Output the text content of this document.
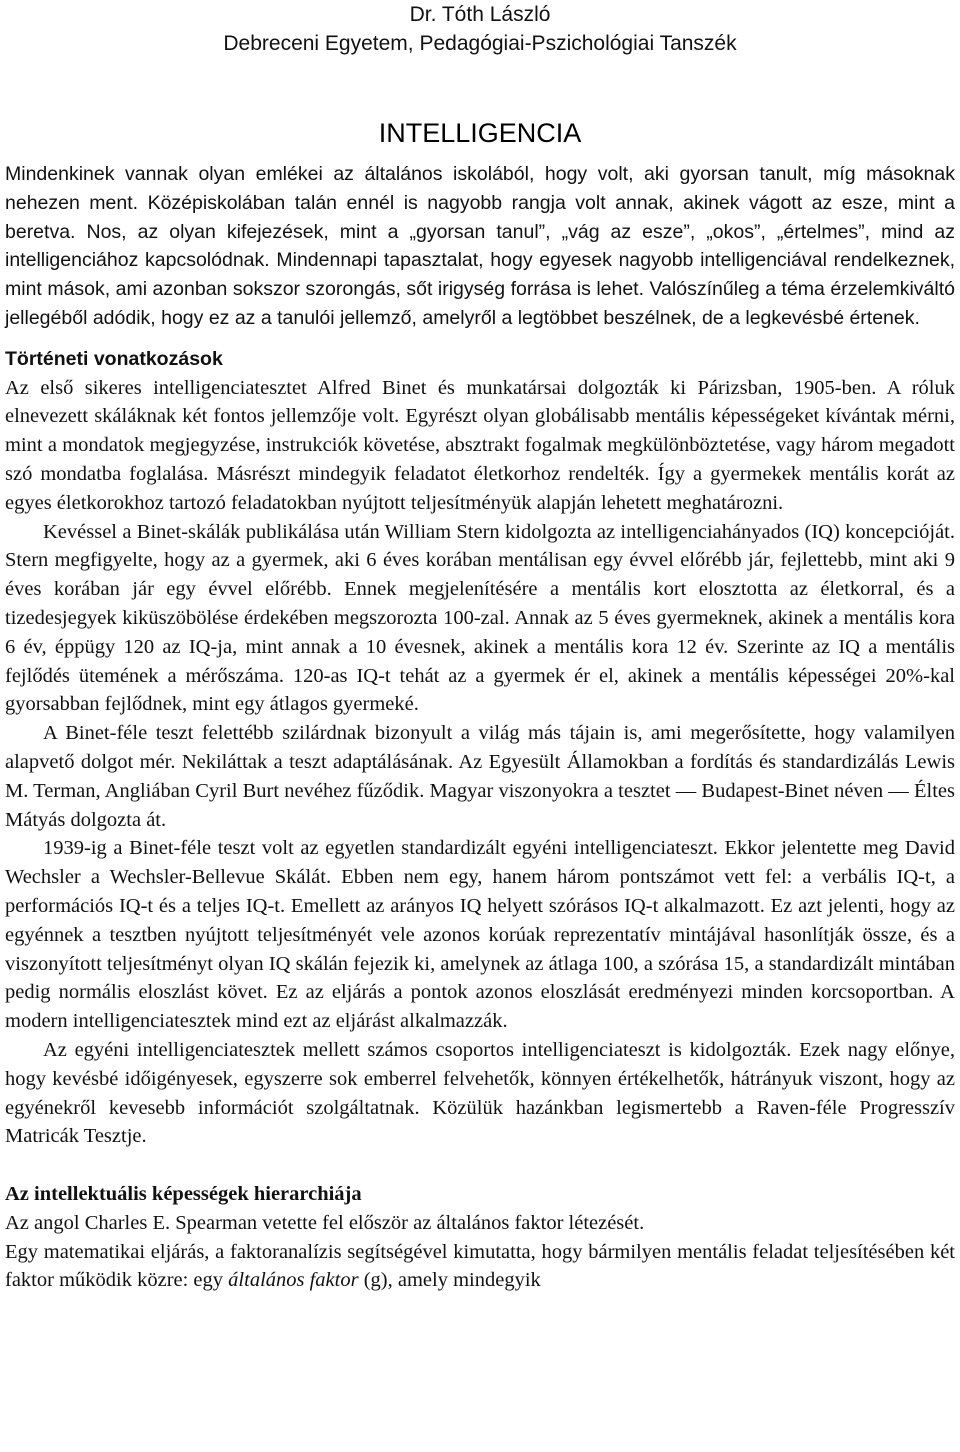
Dr. Tóth László
Debreceni Egyetem, Pedagógiai-Pszichológiai Tanszék
INTELLIGENCIA

Mindenkinek vannak olyan emlékei az általános iskolából, hogy volt, aki gyorsan tanult, míg másoknak nehezen ment. Középiskolában talán ennél is nagyobb rangja volt annak, akinek vágott az esze, mint a beretva. Nos, az olyan kifejezések, mint a „gyorsan tanul”, „vág az esze”, „okos”, „értelmes”, mind az intelligenciához kapcsolódnak. Mindennapi tapasztalat, hogy egyesek nagyobb intelligenciával rendelkeznek, mint mások, ami azonban sokszor szorongás, sőt irigység forrása is lehet. Valószínűleg a téma érzelemkiváltó jellegéből adódik, hogy ez az a tanulói jellemző, amelyről a legtöbbet beszélnek, de a legkevésbé értenek.

Történeti vonatkozások

Az első sikeres intelligenciatesztet Alfred Binet és munkatársai dolgozták ki Párizsban, 1905-ben. A róluk elnevezett skáláknak két fontos jellemzője volt. Egyrészt olyan globálisabb mentális képességeket kívántak mérni, mint a mondatok megjegyzése, instrukciók követése, absztrakt fogalmak megkülönböztetése, vagy három megadott szó mondatba foglalása. Másrészt mindegyik feladatot életkorhoz rendelték. Így a gyermekek mentális korát az egyes életkorokhoz tartozó feladatokban nyújtott teljesítményük alapján lehetett meghatározni.

Kevéssel a Binet-skálák publikálása után William Stern kidolgozta az intelligenciahányados (IQ) koncepcióját. Stern megfigyelte, hogy az a gyermek, aki 6 éves korában mentálisan egy évvel előrébb jár, fejlettebb, mint aki 9 éves korában jár egy évvel előrébb. Ennek megjelenítésére a mentális kort elosztotta az életkorral, és a tizedesjegyek kiküszöbölése érdekében megszorozta 100-zal. Annak az 5 éves gyermeknek, akinek a mentális kora 6 év, éppügy 120 az IQ-ja, mint annak a 10 évesnek, akinek a mentális kora 12 év. Szerinte az IQ a mentális fejlődés ütemének a mérőszáma. 120-as IQ-t tehát az a gyermek ér el, akinek a mentális képességei 20%-kal gyorsabban fejlődnek, mint egy átlagos gyermeké.

A Binet-féle teszt felettébb szilárdnak bizonyult a világ más tájain is, ami megerősítette, hogy valamilyen alapvető dolgot mér. Nekiláttak a teszt adaptálásának. Az Egyesült Államokban a fordítás és standardizálás Lewis M. Terman, Angliában Cyril Burt nevéhez fűződik. Magyar viszonyokra a tesztet — Budapest-Binet néven — Éltes Mátyás dolgozta át.

1939-ig a Binet-féle teszt volt az egyetlen standardizált egyéni intelligenciateszt. Ekkor jelentette meg David Wechsler a Wechsler-Bellevue Skálát. Ebben nem egy, hanem három pontszámot vett fel: a verbális IQ-t, a performációs IQ-t és a teljes IQ-t. Emellett az arányos IQ helyett szórásos IQ-t alkalmazott. Ez azt jelenti, hogy az egyénnek a tesztben nyújtott teljesítményét vele azonos korúak reprezentatív mintájával hasonlítják össze, és a viszonyított teljesítményt olyan IQ skálán fejezik ki, amelynek az átlaga 100, a szórása 15, a standardizált mintában pedig normális eloszlást követ. Ez az eljárás a pontok azonos eloszlását eredményezi minden korcsoportban. A modern intelligenciatesztek mind ezt az eljárást alkalmazzák.

Az egyéni intelligenciatesztek mellett számos csoportos intelligenciateszt is kidolgozták. Ezek nagy előnye, hogy kevésbé időigényesek, egyszerre sok emberrel felvehetők, könnyen értékelhetők, hátrányuk viszont, hogy az egyénekről kevesebb információt szolgáltatnak. Közülük hazánkban legismertebb a Raven-féle Progresszív Matricák Tesztje.

Az intellektuális képességek hierarchiája

Az angol Charles E. Spearman vetette fel először az általános faktor létezését.

Egy matematikai eljárás, a faktoranalízis segítségével kimutatta, hogy bármilyen mentális feladat teljesítésében két faktor működik közre: egy általános faktor (g), amely mindegyik
